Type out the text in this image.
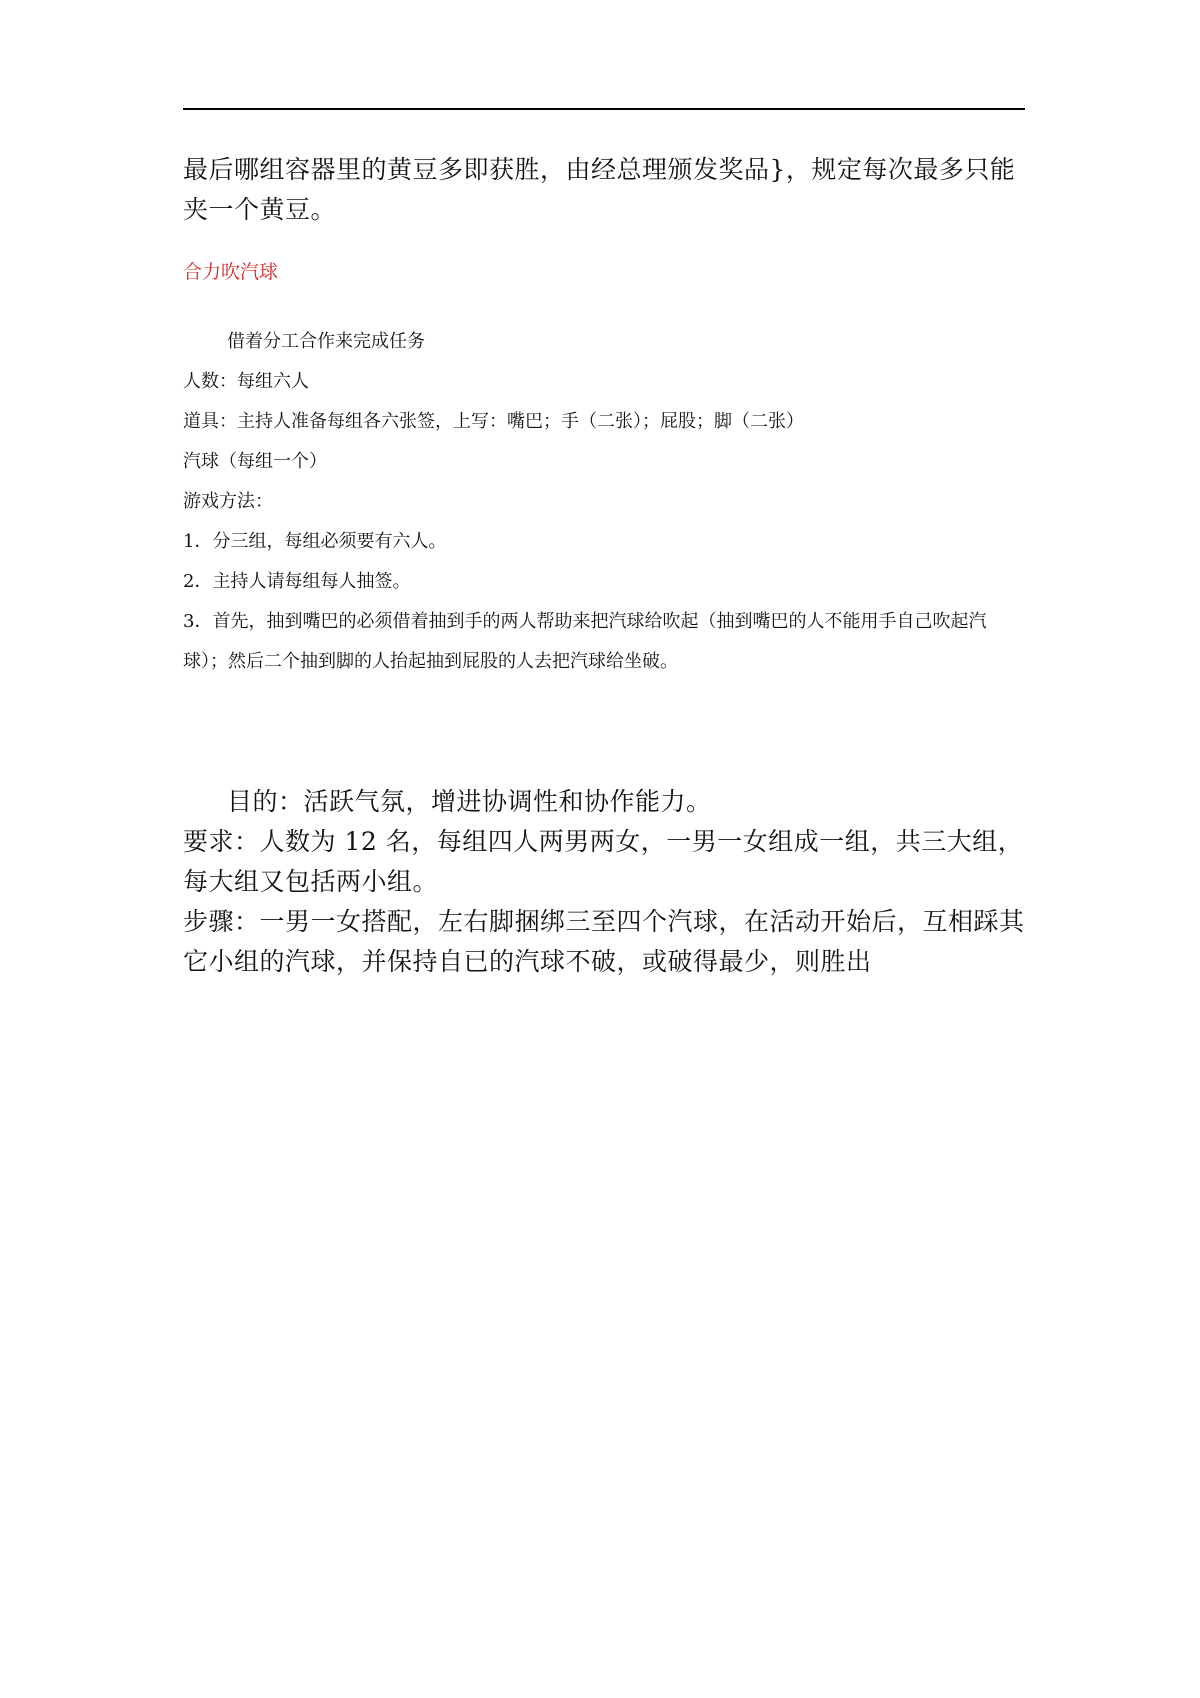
最后哪组容器里的黄豆多即获胜，由经总理颁发奖品}，规定每次最多只能夹一个黄豆。

合力吹汽球

借着分工合作来完成任务

人数：每组六人

道具：主持人准备每组各六张签，上写：嘴巴；手（二张）；屁股；脚（二张）

汽球（每组一个）

游戏方法：

1．分三组，每组必须要有六人。

2．主持人请每组每人抽签。

3．首先，抽到嘴巴的必须借着抽到手的两人帮助来把汽球给吹起（抽到嘴巴的人不能用手自己吹起汽球）；然后二个抽到脚的人抬起抽到屁股的人去把汽球给坐破。

目的：活跃气氛，增进协调性和协作能力。

要求：人数为 12 名，每组四人两男两女，一男一女组成一组，共三大组，每大组又包括两小组。

步骤：一男一女搭配，左右脚捆绑三至四个汽球，在活动开始后，互相踩其它小组的汽球，并保持自已的汽球不破，或破得最少，则胜出
